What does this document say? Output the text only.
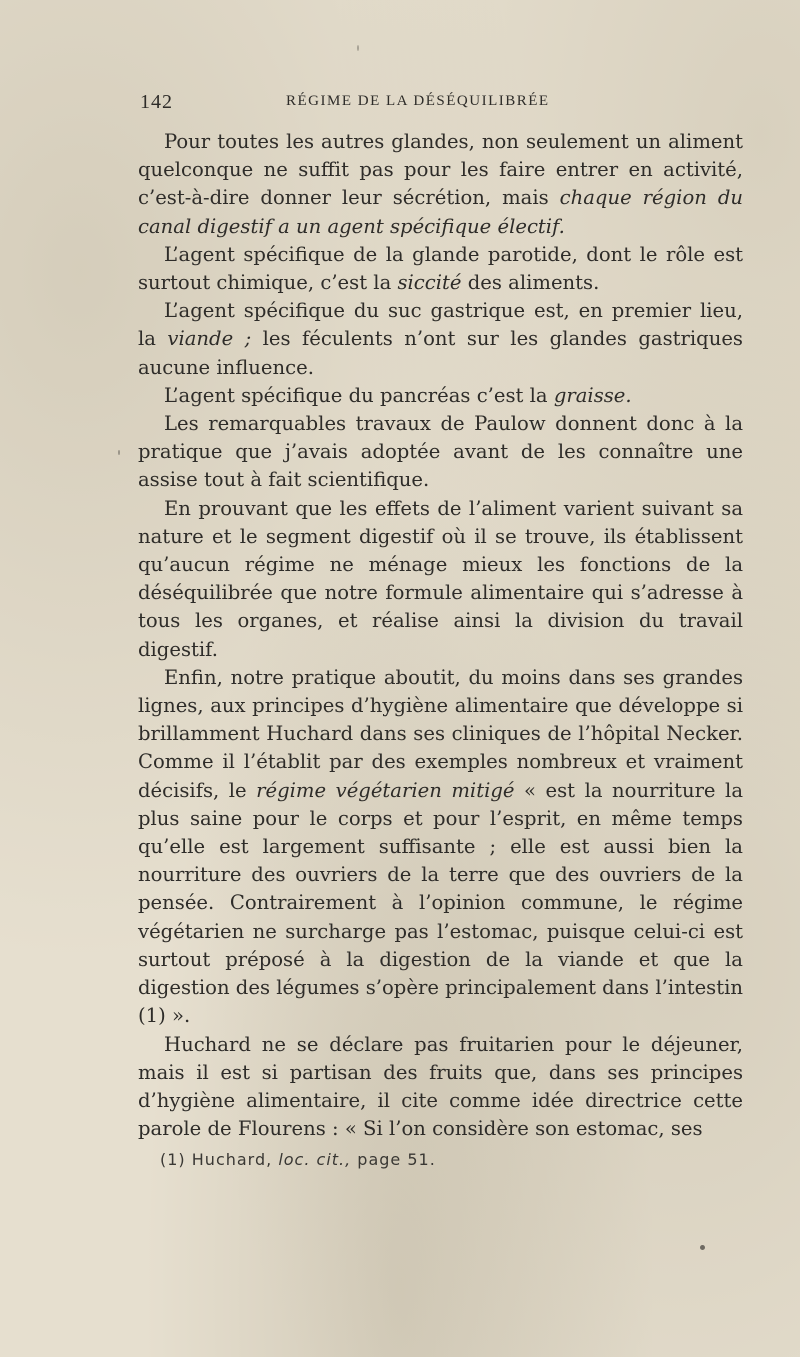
142	RÉGIME DE LA DÉSÉQUILIBRÉE

Pour toutes les autres glandes, non seulement un aliment quelconque ne suffit pas pour les faire entrer en activité, c’est-à-dire donner leur sécrétion, mais chaque région du canal digestif a un agent spécifique électif.

L’agent spécifique de la glande parotide, dont le rôle est surtout chimique, c’est la siccité des aliments.

L’agent spécifique du suc gastrique est, en premier lieu, la viande ; les féculents n’ont sur les glandes gastriques aucune influence.

L’agent spécifique du pancréas c’est la graisse.

Les remarquables travaux de Paulow donnent donc à la pratique que j’avais adoptée avant de les connaître une assise tout à fait scientifique.

En prouvant que les effets de l’aliment varient suivant sa nature et le segment digestif où il se trouve, ils établissent qu’aucun régime ne ménage mieux les fonctions de la déséquilibrée que notre formule alimentaire qui s’adresse à tous les organes, et réalise ainsi la division du travail digestif.

Enfin, notre pratique aboutit, du moins dans ses grandes lignes, aux principes d’hygiène alimentaire que développe si brillamment Huchard dans ses cliniques de l’hôpital Necker. Comme il l’établit par des exemples nombreux et vraiment décisifs, le régime végétarien mitigé « est la nourriture la plus saine pour le corps et pour l’esprit, en même temps qu’elle est largement suffisante ; elle est aussi bien la nourriture des ouvriers de la terre que des ouvriers de la pensée. Contrairement à l’opinion commune, le régime végétarien ne surcharge pas l’estomac, puisque celui-ci est surtout préposé à la digestion de la viande et que la digestion des légumes s’opère principalement dans l’intestin (1) ».

Huchard ne se déclare pas fruitarien pour le déjeuner, mais il est si partisan des fruits que, dans ses principes d’hygiène alimentaire, il cite comme idée directrice cette parole de Flourens : « Si l’on considère son estomac, ses

(1) Huchard, loc. cit., page 51.
